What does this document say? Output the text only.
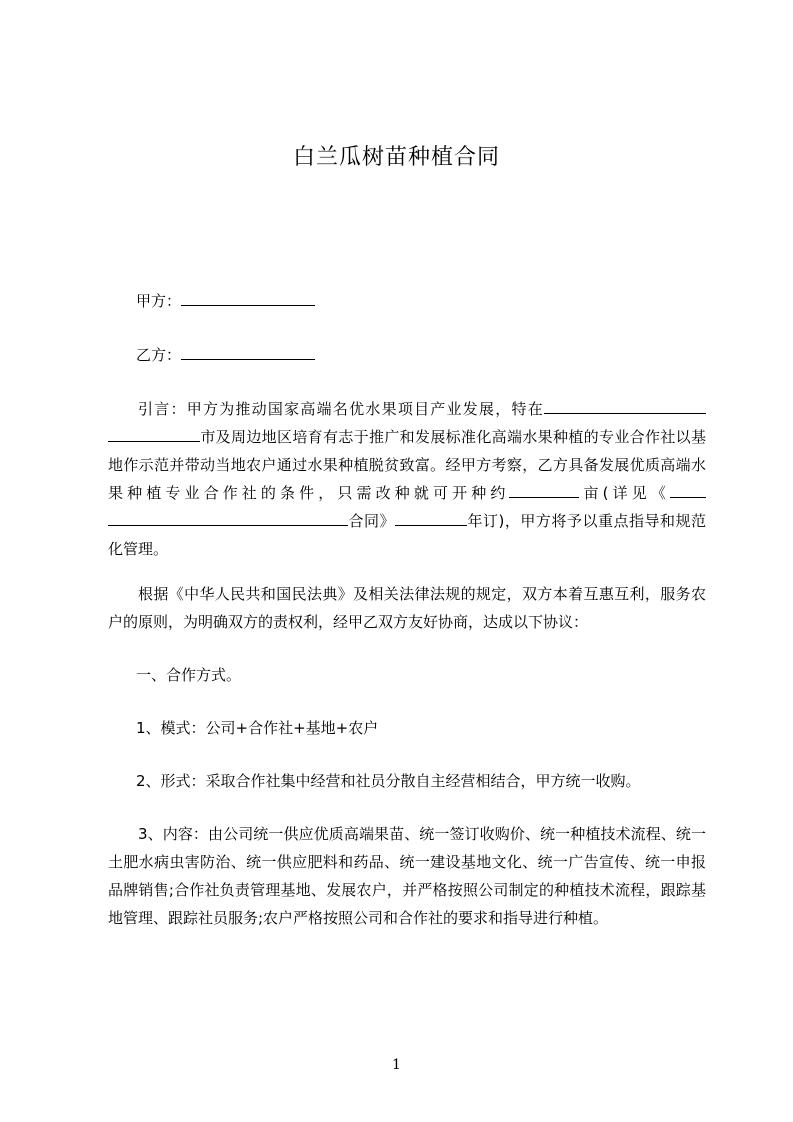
白兰瓜树苗种植合同
甲方：
乙方：
引言：甲方为推动国家高端名优水果项目产业发展，特在市及周边地区培育有志于推广和发展标准化高端水果种植的专业合作社以基地作示范并带动当地农户通过水果种植脱贫致富。经甲方考察，乙方具备发展优质高端水果种植专业合作社的条件，只需改种就可开种约	亩(详见《合同》	年订)，甲方将予以重点指导和规范化管理。
根据《中华人民共和国民法典》及相关法律法规的规定，双方本着互惠互利，服务农户的原则，为明确双方的责权利，经甲乙双方友好协商，达成以下协议：
一、合作方式。
1、模式：公司+合作社+基地+农户
2、形式：采取合作社集中经营和社员分散自主经营相结合，甲方统一收购。
3、内容：由公司统一供应优质高端果苗、统一签订收购价、统一种植技术流程、统一土肥水病虫害防治、统一供应肥料和药品、统一建设基地文化、统一广告宣传、统一申报品牌销售;合作社负责管理基地、发展农户，并严格按照公司制定的种植技术流程，跟踪基地管理、跟踪社员服务;农户严格按照公司和合作社的要求和指导进行种植。
1
